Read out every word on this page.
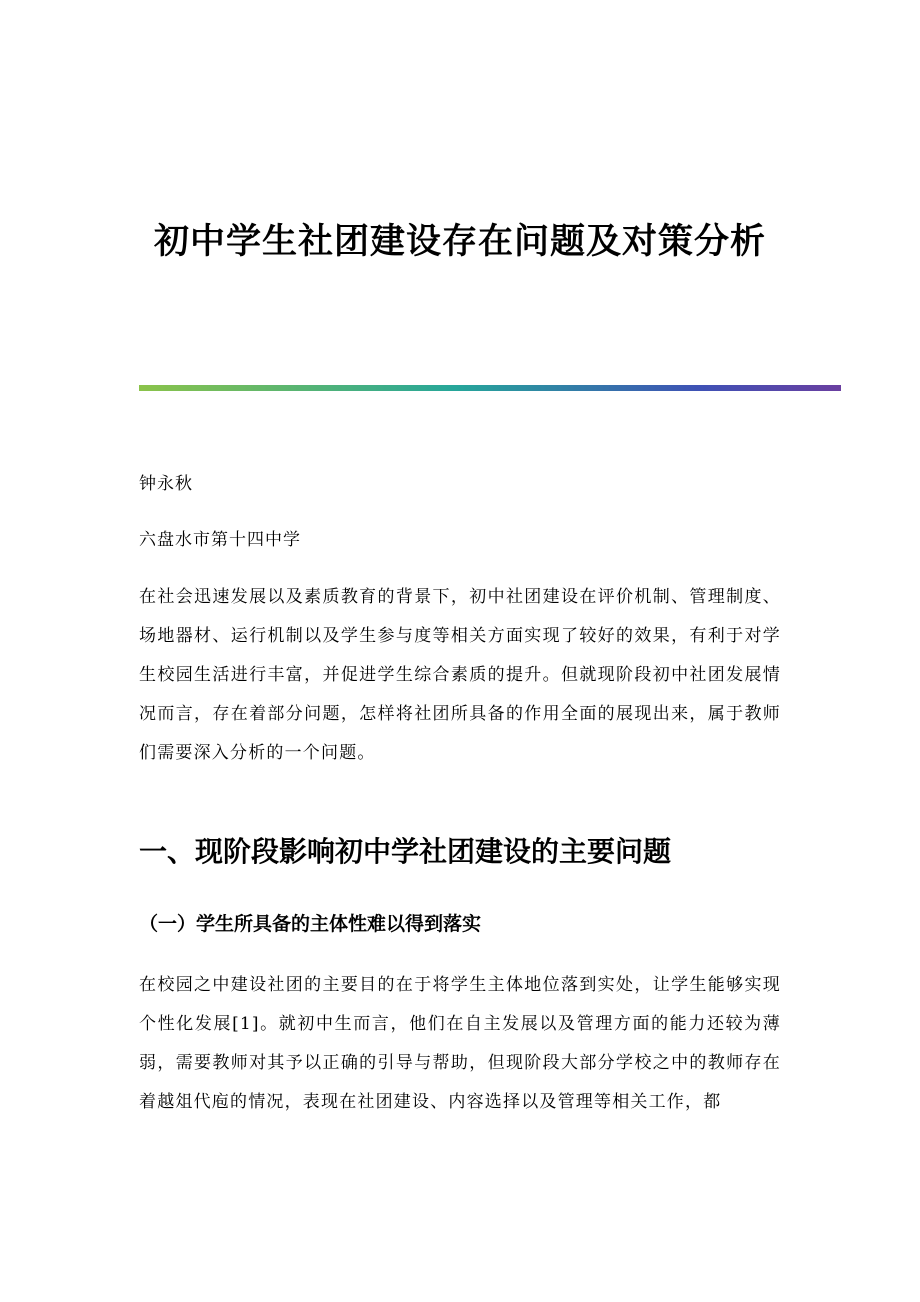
初中学生社团建设存在问题及对策分析
钟永秋
六盘水市第十四中学

在社会迅速发展以及素质教育的背景下，初中社团建设在评价机制、管理制度、场地器材、运行机制以及学生参与度等相关方面实现了较好的效果，有利于对学生校园生活进行丰富，并促进学生综合素质的提升。但就现阶段初中社团发展情况而言，存在着部分问题，怎样将社团所具备的作用全面的展现出来，属于教师们需要深入分析的一个问题。

一、现阶段影响初中学社团建设的主要问题
（一）学生所具备的主体性难以得到落实

在校园之中建设社团的主要目的在于将学生主体地位落到实处，让学生能够实现个性化发展[1]。就初中生而言，他们在自主发展以及管理方面的能力还较为薄弱，需要教师对其予以正确的引导与帮助，但现阶段大部分学校之中的教师存在着越俎代庖的情况，表现在社团建设、内容选择以及管理等相关工作，都
